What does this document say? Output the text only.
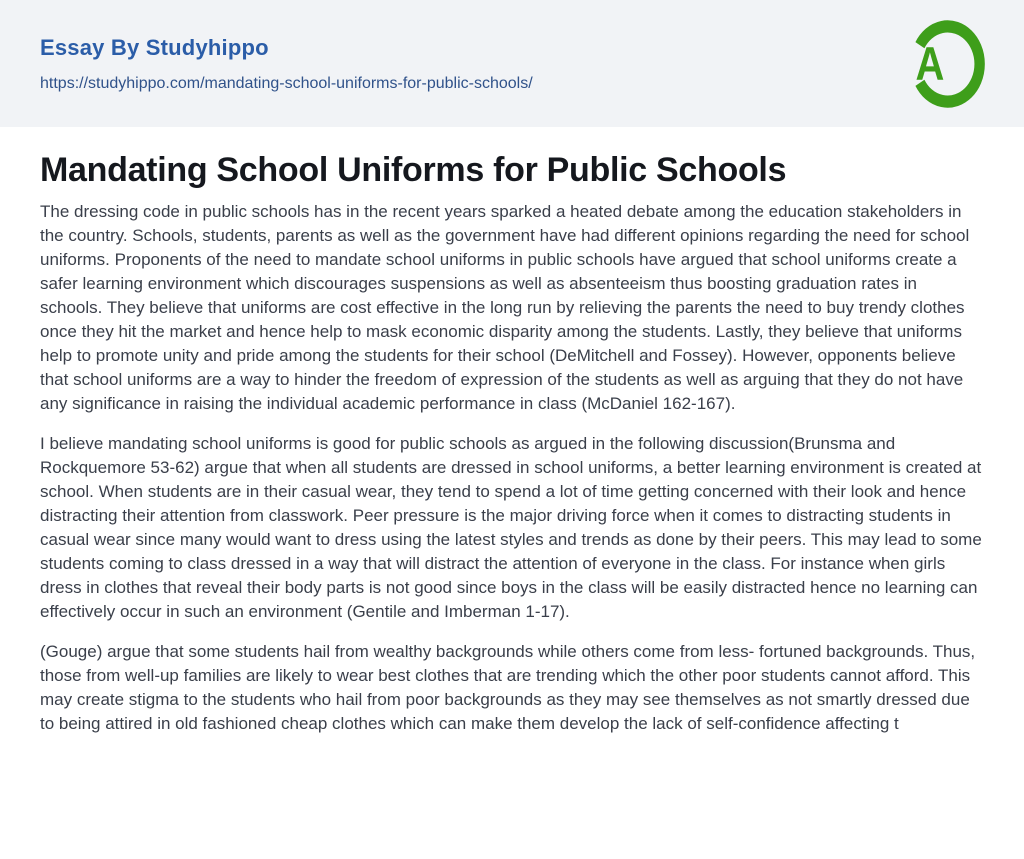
Essay By Studyhippo
https://studyhippo.com/mandating-school-uniforms-for-public-schools/	A
Mandating School Uniforms for Public Schools

The dressing code in public schools has in the recent years sparked a heated debate among the education stakeholders in the country. Schools, students, parents as well as the government have had different opinions regarding the need for school uniforms. Proponents of the need to mandate school uniforms in public schools have argued that school uniforms create a safer learning environment which discourages suspensions as well as absenteeism thus boosting graduation rates in schools. They believe that uniforms are cost effective in the long run by relieving the parents the need to buy trendy clothes once they hit the market and hence help to mask economic disparity among the students. Lastly, they believe that uniforms help to promote unity and pride among the students for their school (DeMitchell and Fossey). However, opponents believe that school uniforms are a way to hinder the freedom of expression of the students as well as arguing that they do not have any significance in raising the individual academic performance in class (McDaniel 162-167).

I believe mandating school uniforms is good for public schools as argued in the following discussion(Brunsma and Rockquemore 53-62) argue that when all students are dressed in school uniforms, a better learning environment is created at school. When students are in their casual wear, they tend to spend a lot of time getting concerned with their look and hence distracting their attention from classwork. Peer pressure is the major driving force when it comes to distracting students in casual wear since many would want to dress using the latest styles and trends as done by their peers. This may lead to some students coming to class dressed in a way that will distract the attention of everyone in the class. For instance when girls dress in clothes that reveal their body parts is not good since boys in the class will be easily distracted hence no learning can effectively occur in such an environment (Gentile and Imberman 1-17).

(Gouge) argue that some students hail from wealthy backgrounds while others come from less- fortuned backgrounds. Thus, those from well-up families are likely to wear best clothes that are trending which the other poor students cannot afford. This may create stigma to the students who hail from poor backgrounds as they may see themselves as not smartly dressed due to being attired in old fashioned cheap clothes which can make them develop the lack of self-confidence affecting t
